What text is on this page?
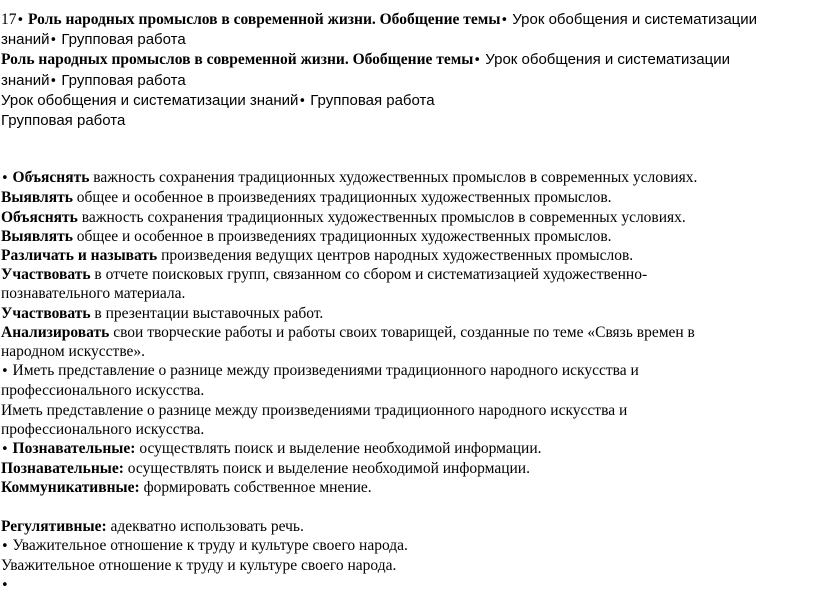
17• Роль народных промыслов в современной жизни. Обобщение темы• Урок обобщения и систематизации
знаний• Групповая работа
Роль народных промыслов в современной жизни. Обобщение темы• Урок обобщения и систематизации
знаний• Групповая работа
Урок обобщения и систематизации знаний• Групповая работа
Групповая работа
• Объяснять важность сохранения традиционных художественных промыслов в современных условиях.
Выявлять общее и особенное в произведениях традиционных художественных промыслов.
Объяснять важность сохранения традиционных художественных промыслов в современных условиях.
Выявлять общее и особенное в произведениях традиционных художественных промыслов.
Различать и называть произведения ведущих центров народных художественных промыслов.
Участвовать в отчете поисковых групп, связанном со сбором и систематизацией художественно-
познавательного материала.
Участвовать в презентации выставочных работ.
Анализировать свои творческие работы и работы своих товарищей, созданные по теме «Связь времен в
народном искусстве».
• Иметь представление о разнице между произведениями традиционного народного искусства и
профессионального искусства.
Иметь представление о разнице между произведениями традиционного народного искусства и
профессионального искусства.
• Познавательные: осуществлять поиск и выделение необходимой информации.
Познавательные: осуществлять поиск и выделение необходимой информации.
Коммуникативные: формировать собственное мнение.
Регулятивные: адекватно использовать речь.
• Уважительное отношение к труду и культуре своего народа.
Уважительное отношение к труду и культуре своего народа.
•
